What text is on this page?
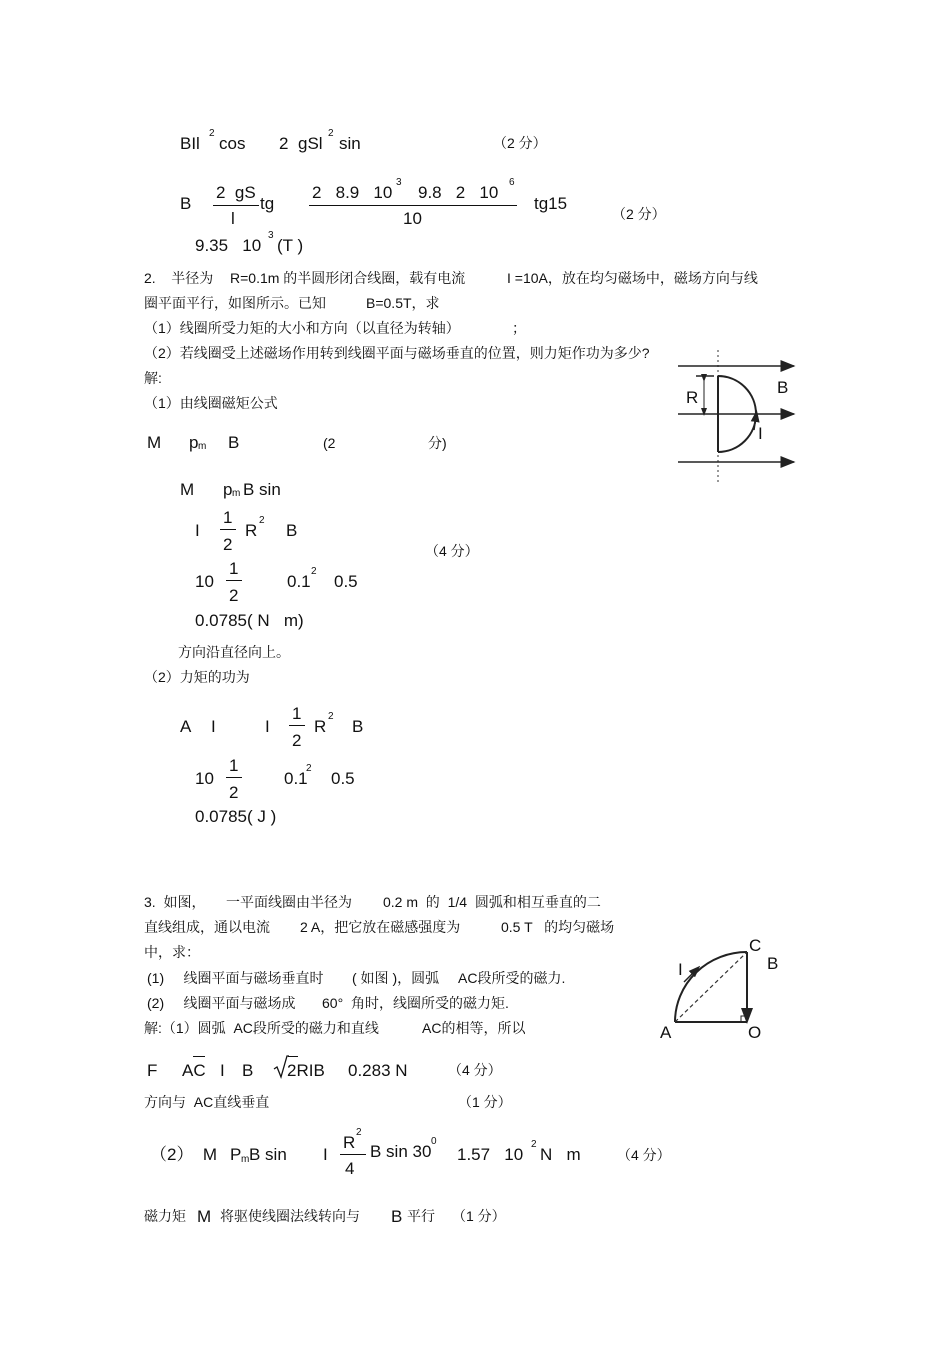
BIl
2
cos 2 gSl
2
sin	（2 分）
B
2  gS
l
tg
2   8.9   10
3
9.8   2   10
6
10
tg15
（2 分）
9.35   10
3
(T )
2.    半径为 R=0.1m 的半圆形闭合线圈，载有电流	I =10A，放在均匀磁场中，磁场方向与线
圈平面平行，如图所示。已知	B=0.5T，求
（1）线圈所受力矩的大小和方向（以直径为转轴）	；
（2）若线圈受上述磁场作用转到线圈平面与磁场垂直的位置，则力矩作功为多少?
解:
（1）由线圈磁矩公式	R
B
I
M p m B	(2	分)
M p m B sin
I
1
2
R
2
B
（4 分）
10
1
2
0.1
2
0.5
0.0785( N   m)
方向沿直径向上。
（2）力矩的功为
A I	I
1
2
R
2
B
10
1
2
0.1
2
0.5
0.0785( J )
3.  如图， 一平面线圈由半径为 0.2 m  的  1/4  圆弧和相互垂直的二
直线组成，通以电流 2 A，把它放在磁感强度为	0.5 T   的均匀磁场
中，求：
(1)     线圈平面与磁场垂直时 ( 如图 )，圆弧 AC段所受的磁力.
(2)     线圈平面与磁场成 60°  角时，线圈所受的磁力矩.
解:（1）圆弧  AC段所受的磁力和直线	AC的相等，所以
C
B
I
A	O
F AC I B 2RIB 0.283 N	（4 分）
方向与  AC直线垂直	（1 分）
（2）  M P m B sin I
R
2
4
B sin 30
0
1.57   10
2
N   m	（4 分）
磁力矩 M 将驱使线圈法线转向与 B 平行 （1 分）
